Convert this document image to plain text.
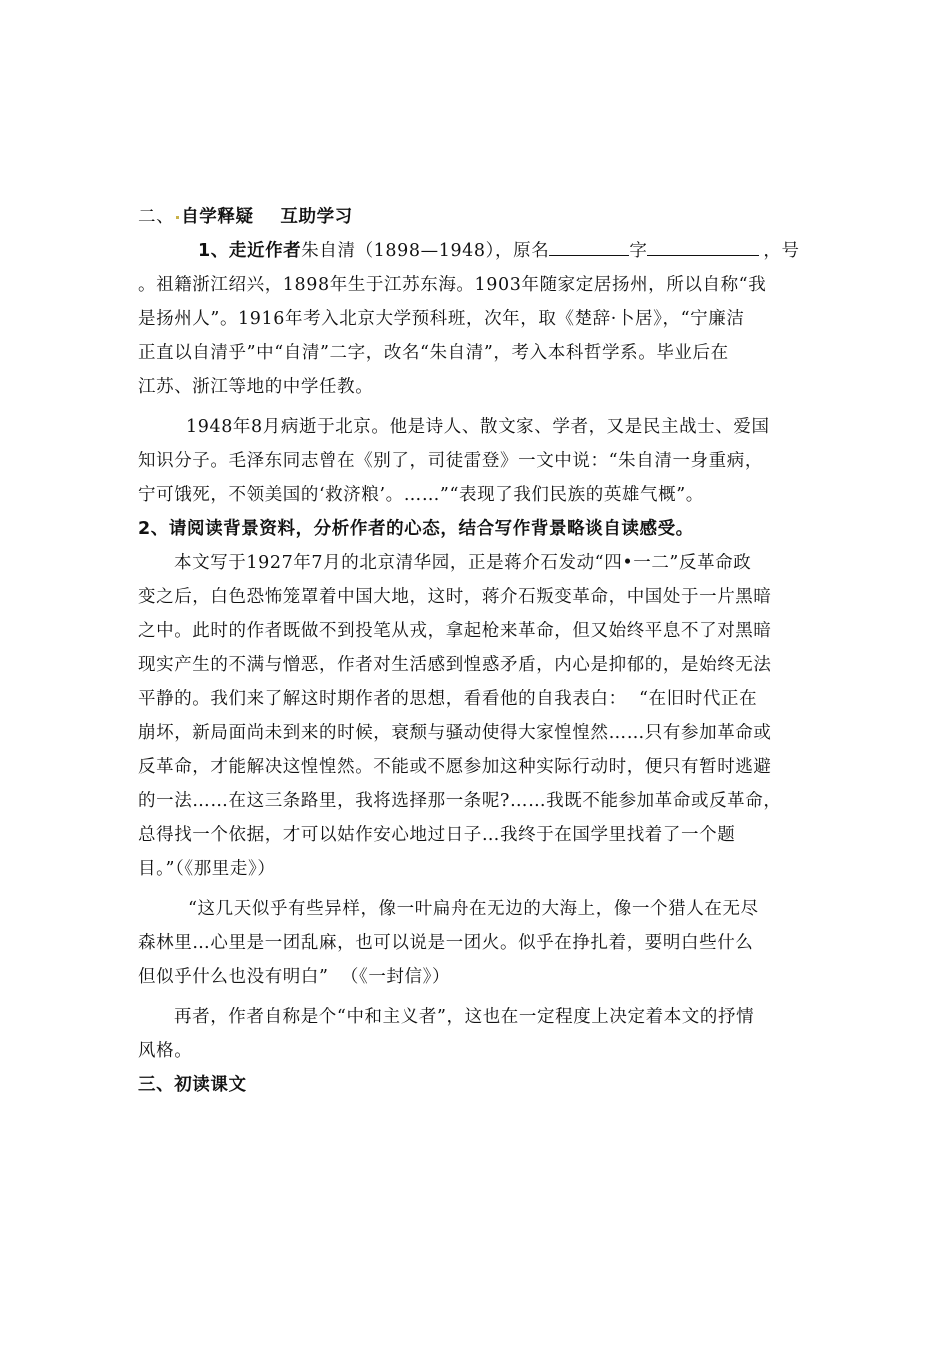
二、 自学释疑    互助学习
1、走近作者朱自清（1898—1948），原名	字	，号
。祖籍浙江绍兴，1898年生于江苏东海。1903年随家定居扬州，所以自称“我
是扬州人”。1916年考入北京大学预科班，次年，取《楚辞·卜居》，“宁廉洁
正直以自清乎”中“自清”二字，改名“朱自清”，考入本科哲学系。毕业后在
江苏、浙江等地的中学任教。
1948年8月病逝于北京。他是诗人、散文家、学者，又是民主战士、爱国
知识分子。毛泽东同志曾在《别了，司徒雷登》一文中说：“朱自清一身重病，
宁可饿死，不领美国的‘救济粮’。……”“表现了我们民族的英雄气概”。
2、请阅读背景资料，分析作者的心态，结合写作背景略谈自读感受。
本文写于1927年7月的北京清华园，正是蒋介石发动“四•一二”反革命政
变之后，白色恐怖笼罩着中国大地，这时，蒋介石叛变革命，中国处于一片黑暗
之中。此时的作者既做不到投笔从戎，拿起枪来革命，但又始终平息不了对黑暗
现实产生的不满与憎恶，作者对生活感到惶惑矛盾，内心是抑郁的，是始终无法
平静的。我们来了解这时期作者的思想，看看他的自我表白：  “在旧时代正在
崩坏，新局面尚未到来的时候，衰颓与骚动使得大家惶惶然……只有参加革命或
反革命，才能解决这惶惶然。不能或不愿参加这种实际行动时，便只有暂时逃避
的一法……在这三条路里，我将选择那一条呢?……我既不能参加革命或反革命，
总得找一个依据，才可以姑作安心地过日子…我终于在国学里找着了一个题
目。”（《那里走》）
“这几天似乎有些异样，像一叶扁舟在无边的大海上，像一个猎人在无尽
森林里…心里是一团乱麻，也可以说是一团火。似乎在挣扎着，要明白些什么
但似乎什么也没有明白”  （《一封信》）
再者，作者自称是个“中和主义者”，这也在一定程度上决定着本文的抒情
风格。
三、初读课文
